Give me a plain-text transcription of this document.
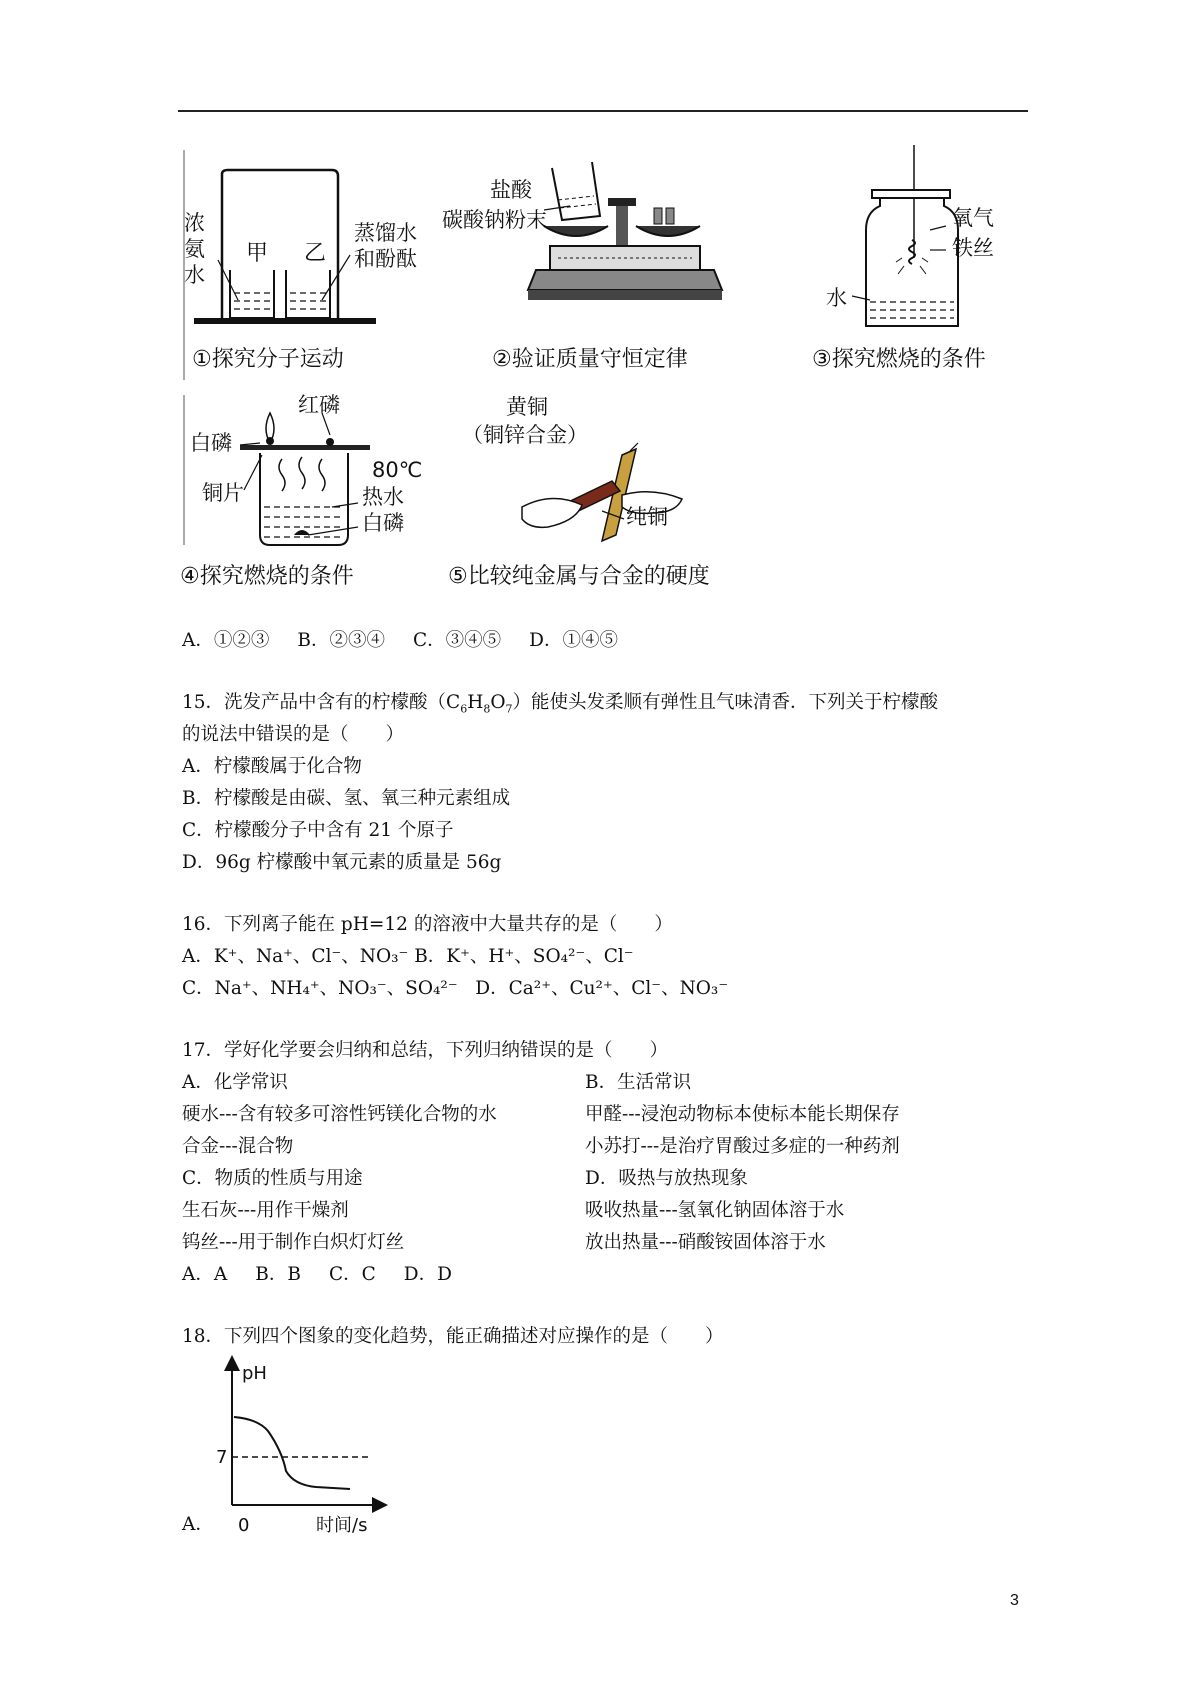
浓
氨
水
甲 乙
蒸馏水
和酚酞
①探究分子运动
盐酸
碳酸钠粉末
②验证质量守恒定律
氧气
铁丝
水
③探究燃烧的条件
红磷
白磷
铜片
80℃
热水
白磷
④探究燃烧的条件
黄铜
（铜锌合金）
纯铜
⑤比较纯金属与合金的硬度
A．①②③ B．②③④ C．③④⑤ D．①④⑤
15．洗发产品中含有的柠檬酸$(C_6H_8O_7)$能使头发柔顺有弹性且气味清香．下列关于柠檬酸
的说法中错误的是（　　）
A．柠檬酸属于化合物
B．柠檬酸是由碳、氢、氧三种元素组成
C．柠檬酸分子中含有 21 个原子
D．96g 柠檬酸中氧元素的质量是 56g
16．下列离子能在 pH=12 的溶液中大量共存的是（　　）
A．K⁺、Na⁺、Cl⁻、NO₃⁻ B．K⁺、H⁺、SO₄²⁻、Cl⁻
C．Na⁺、NH₄⁺、NO₃⁻、SO₄²⁻ D．Ca²⁺、Cu²⁺、Cl⁻、NO₃⁻
17．学好化学要会归纳和总结，下列归纳错误的是（　　）
A．化学常识	B．生活常识
硬水---含有较多可溶性钙镁化合物的水	甲醛---浸泡动物标本使标本能长期保存
合金---混合物	小苏打---是治疗胃酸过多症的一种药剂
C．物质的性质与用途	D．吸热与放热现象
生石灰---用作干燥剂	吸收热量---氢氧化钠固体溶于水
钨丝---用于制作白炽灯灯丝	放出热量---硝酸铵固体溶于水
A．A B．B C．C D．D
18．下列四个图象的变化趋势，能正确描述对应操作的是（　　）
pH
7
0	时间/s
A．
3
